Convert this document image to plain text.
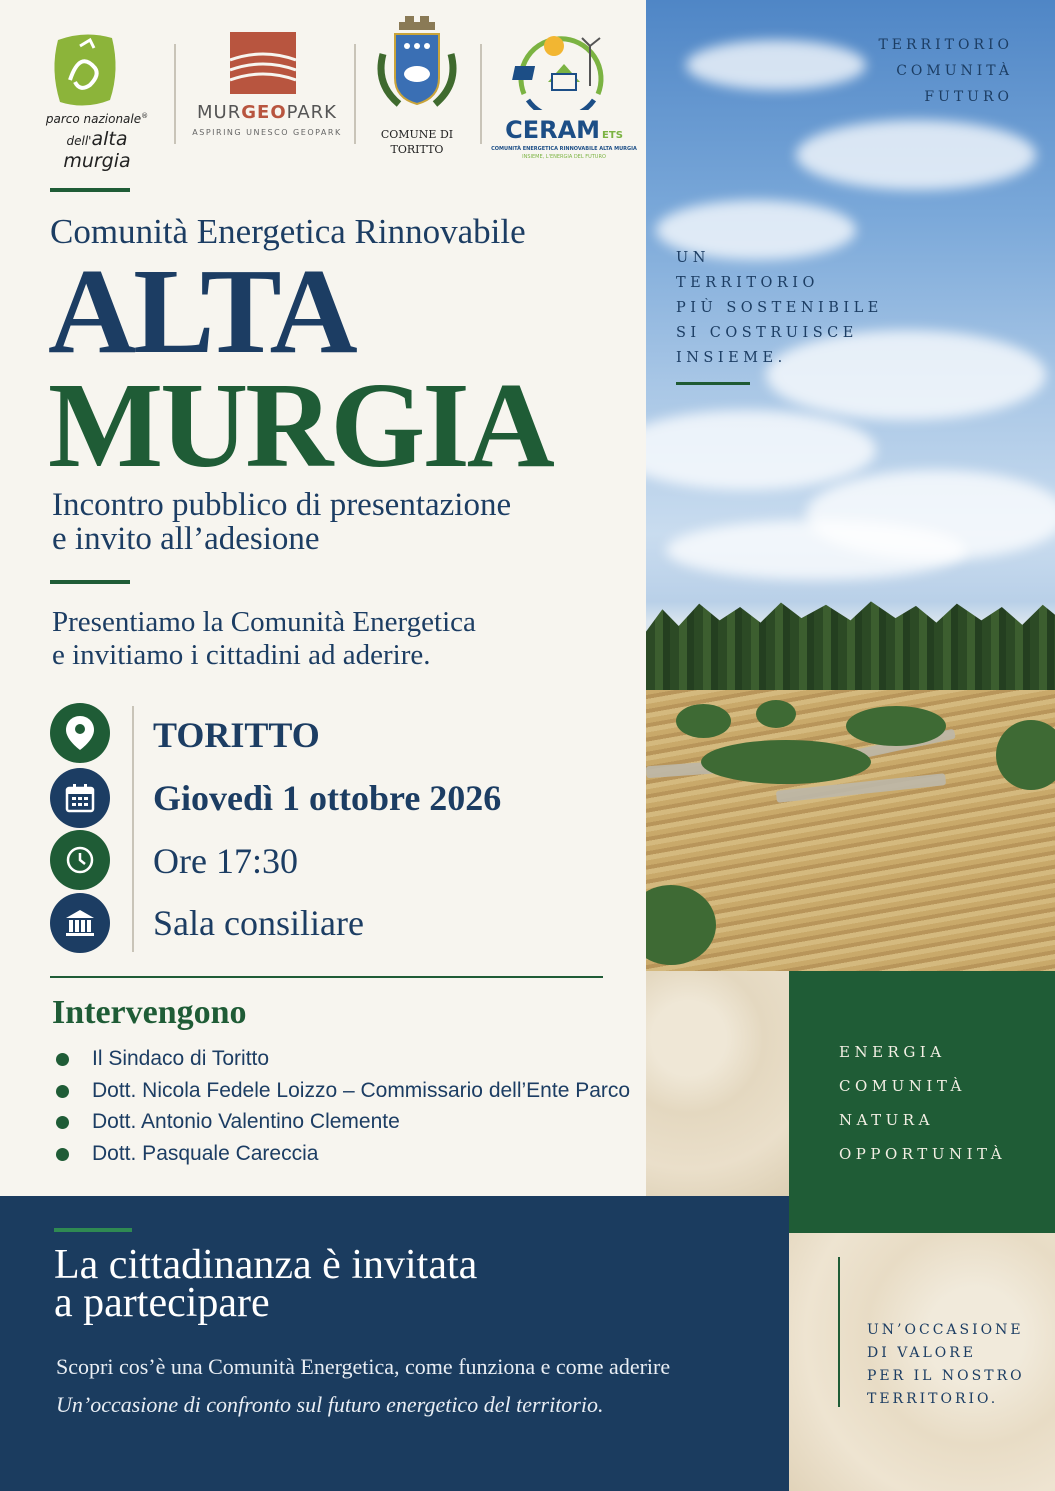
TERRITORIO
COMUNITÀ
FUTURO
UN
TERRITORIO
PIÙ SOSTENIBILE
SI COSTRUISCE
INSIEME.
ENERGIA
COMUNITÀ
NATURA
OPPORTUNITÀ
UN’OCCASIONE
DI VALORE
PER IL NOSTRO
TERRITORIO.
parco nazionale®
dell'alta murgia
MURGEOPARK
ASPIRING UNESCO GEOPARK	COMUNE DI
TORITTO
CERAM ETS
COMUNITÀ ENERGETICA RINNOVABILE ALTA MURGIA
INSIEME, L'ENERGIA DEL FUTURO
Comunità Energetica Rinnovabile
ALTA
MURGIA
Incontro pubblico di presentazione
e invito all’adesione
Presentiamo la Comunità Energetica
e invitiamo i cittadini ad aderire.
TORITTO
Giovedì 1 ottobre 2026
Ore 17:30
Sala consiliare
Intervengono
Il Sindaco di Toritto
Dott. Nicola Fedele Loizzo – Commissario dell’Ente Parco
Dott. Antonio Valentino Clemente
Dott. Pasquale Careccia
La cittadinanza è invitata
a partecipare
Scopri cos’è una Comunità Energetica, come funziona e come aderire
Un’occasione di confronto sul futuro energetico del territorio.
